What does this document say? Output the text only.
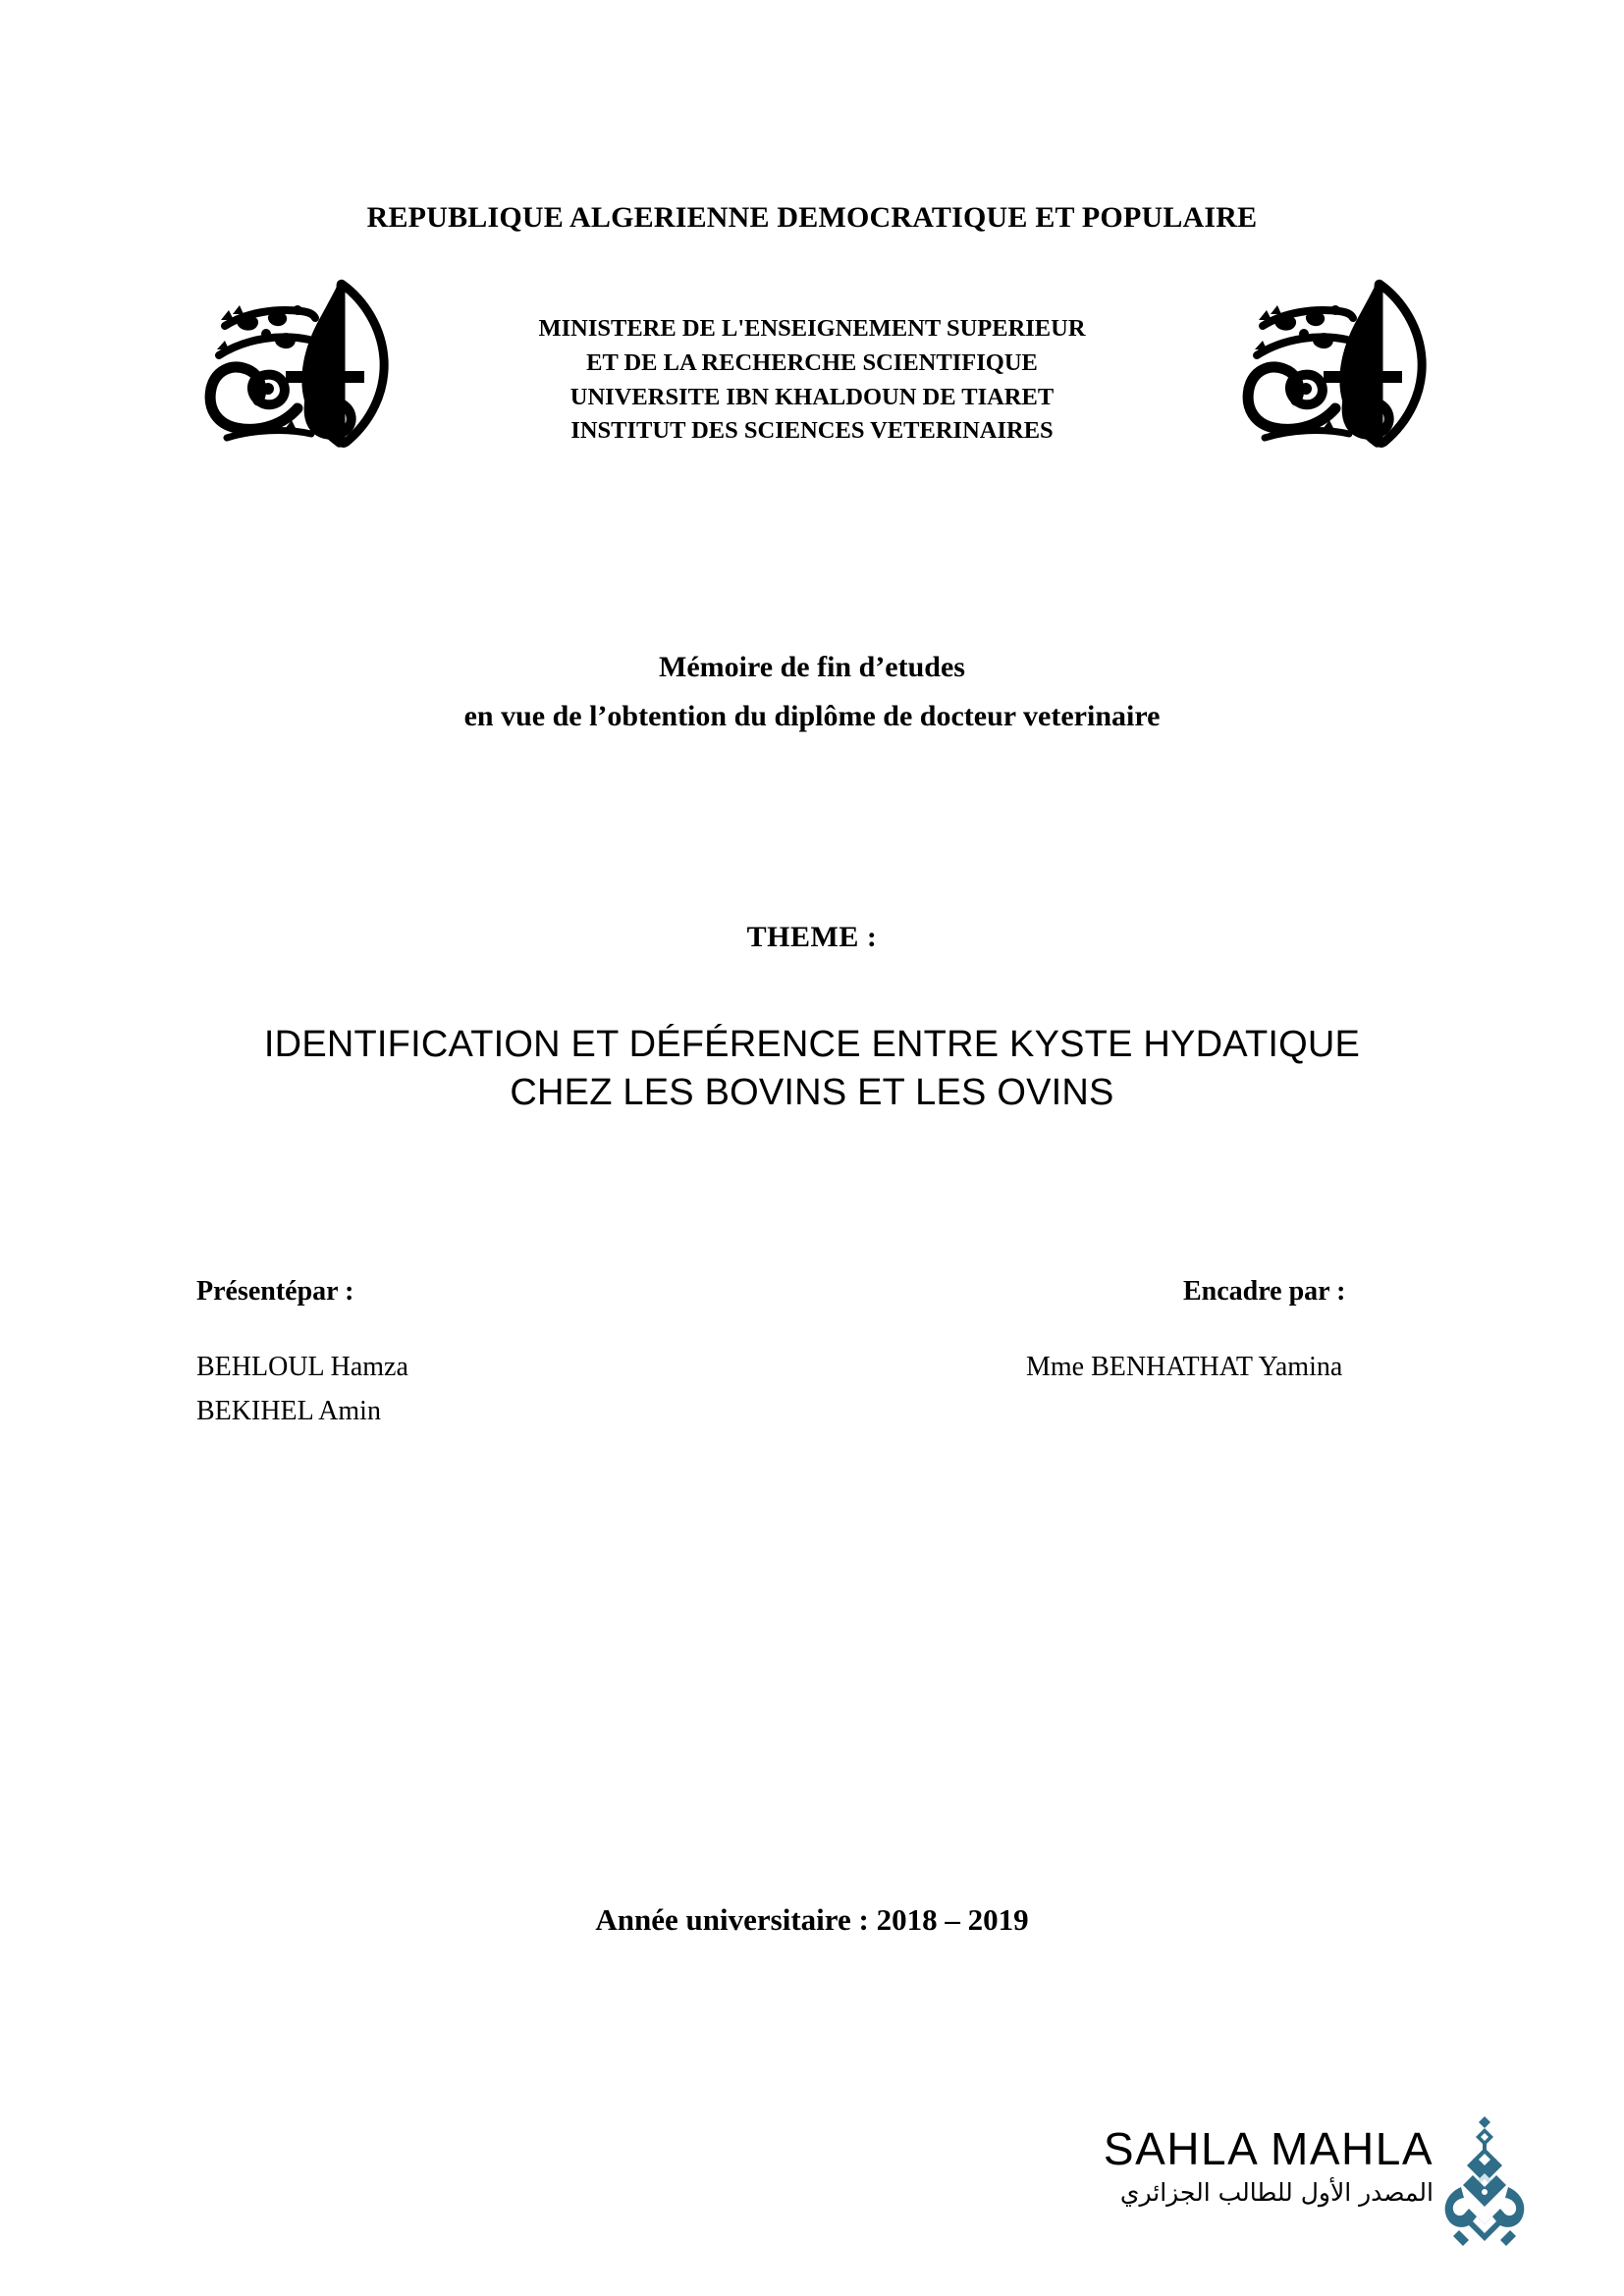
REPUBLIQUE ALGERIENNE DEMOCRATIQUE ET POPULAIRE
MINISTERE DE L'ENSEIGNEMENT SUPERIEUR
ET DE LA RECHERCHE SCIENTIFIQUE
UNIVERSITE IBN KHALDOUN DE TIARET
INSTITUT DES SCIENCES VETERINAIRES
Mémoire de fin d’etudes
en vue de l’obtention du diplôme de docteur veterinaire
THEME :
IDENTIFICATION ET DÉFÉRENCE ENTRE KYSTE HYDATIQUE
CHEZ LES BOVINS ET LES OVINS
Présentépar :
BEHLOUL Hamza
BEKIHEL Amin
Encadre par :
Mme BENHATHAT Yamina
Année universitaire : 2018 – 2019
SAHLA MAHLA
المصدر الأول للطالب الجزائري
